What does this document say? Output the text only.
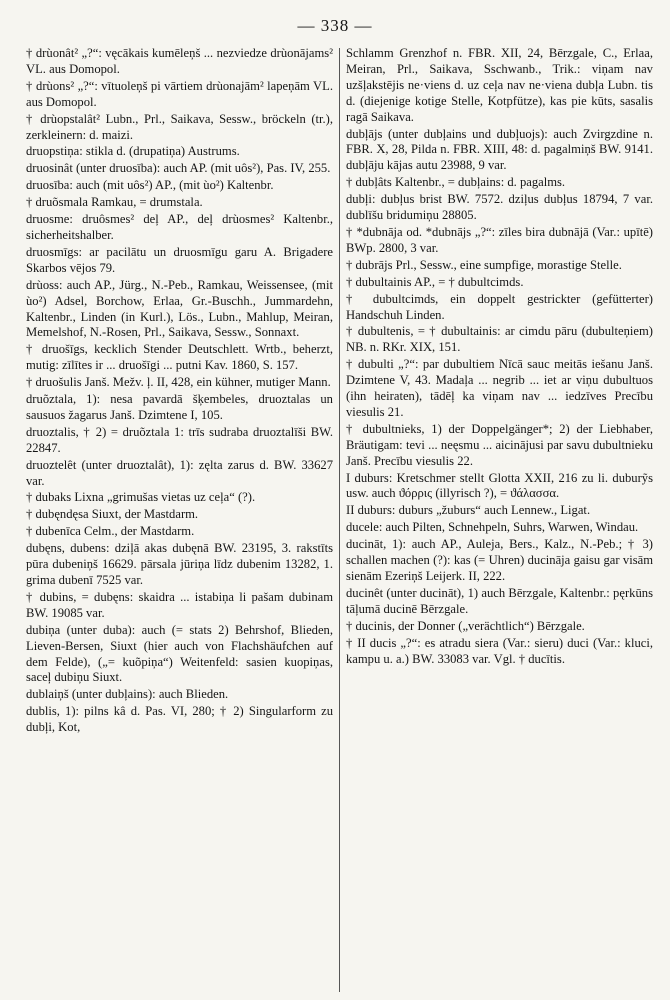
— 338 —

† drùonât² „?“: vęcākais kumēleņš ... nezviedze drùonājams² VL. aus Domopol.

† drùons² „?“: vītuoleņš pi vārtiem drùonajām² lapeņām VL. aus Domopol.

† drùopstalât² Lubn., Prl., Saikava, Sessw., bröckeln (tr.), zerkleinern: d. maizi.

druopstiņa: stikla d. (drupatiņa) Austrums.

druosinât (unter druosība): auch AP. (mit uôs²), Pas. IV, 255.

druosība: auch (mit uôs²) AP., (mit ùo²) Kaltenbr.

† druõsmala Ramkau, = drumstala.

druosme: druôsmes² deļ AP., deļ drùosmes² Kaltenbr., sicherheitshalber.

druosmīgs: ar pacilātu un druosmīgu garu A. Brigadere Skarbos vējos 79.

drùoss: auch AP., Jürg., N.-Peb., Ramkau, Weissensee, (mit ùo²) Adsel, Borchow, Erlaa, Gr.-Buschh., Jummardehn, Kaltenbr., Linden (in Kurl.), Lös., Lubn., Mahlup, Meiran, Memelshof, N.-Rosen, Prl., Saikava, Sessw., Sonnaxt.

† druošīgs, kecklich Stender Deutschlett. Wrtb., beherzt, mutig: zīlītes ir ... druošīgi ... putni Kav. 1860, S. 157.

† druošulis Janš. Mežv. ļ. II, 428, ein kühner, mutiger Mann.

druõztala, 1): nesa pavardā šķembeles, druoztalas un sausuos žagarus Janš. Dzimtene I, 105.

druoztalis, † 2) = druõztala 1: trīs sudraba druoztalīši BW. 22847.

druoztelêt (unter druoztalât), 1): zęlta zarus d. BW. 33627 var.

† dubaks Lixna „grimušas vietas uz ceļa“ (?).

† dubęndęsa Siuxt, der Mastdarm.

† dubenīca Celm., der Mastdarm.

dubęns, dubens: dziļā akas dubęnā BW. 23195, 3. rakstīts pūra dubeniņš 16629. pārsala jūriņa līdz dubenim 13282, 1. grima dubenī 7525 var.

† dubins, = dubęns: skaidra ... istabiņa li pašam dubinam BW. 19085 var.

dubiņa (unter duba): auch (= stats 2) Behrshof, Blieden, Lieven-Bersen, Siuxt (hier auch von Flachshäufchen auf dem Felde), („= kuõpiņa“) Weitenfeld: sasien kuopiņas, saceļ dubiņu Siuxt.

dublaiņš (unter dubļains): auch Blieden.

dublis, 1): pilns kâ d. Pas. VI, 280; † 2) Singularform zu dubļi, Kot,

Schlamm Grenzhof n. FBR. XII, 24, Bērzgale, C., Erlaa, Meiran, Prl., Saikava, Sschwanb., Trik.: viņam nav uzšļakstējis ne·viens d. uz ceļa nav ne·viena dubļa Lubn. tis d. (diejenige kotige Stelle, Kotpfütze), kas pie kūts, sasalis ragā Saikava.

dubļājs (unter dubļains und dubļuojs): auch Zvirgzdine n. FBR. X, 28, Pilda n. FBR. XIII, 48: d. pagalmiņš BW. 9141. dubļāju kājas autu 23988, 9 var.

† dubļâts Kaltenbr., = dubļains: d. pagalms.

dubļi: dubļus brist BW. 7572. dziļus dubļus 18794, 7 var. dublīšu bridumiņu 28805.

† *dubnāja od. *dubnājs „?“: zīles bira dubnājā (Var.: upītē) BWp. 2800, 3 var.

† dubrājs Prl., Sessw., eine sumpfige, morastige Stelle.

† dubultainis AP., = † dubultcimds.

† dubultcimds, ein doppelt gestrickter (gefütterter) Handschuh Linden.

† dubultenis, = † dubultainis: ar cimdu pāru (dubulteņiem) NB. n. RKr. XIX, 151.

† dubulti „?“: par dubultiem Nīcā sauc meitās iešanu Janš. Dzimtene V, 43. Madaļa ... negrib ... iet ar viņu dubultuos (ihn heiraten), tādēļ ka viņam nav ... iedzīves Precību viesulis 21.

† dubultnieks, 1) der Doppelgänger*; 2) der Liebhaber, Bräutigam: tevi ... neęsmu ... aicinājusi par savu dubultnieku Janš. Precību viesulis 22.

I duburs: Kretschmer stellt Glotta XXII, 216 zu li. duburỹs usw. auch ϑόρρις (illyrisch ?), = ϑάλασσα.

II duburs: duburs „žuburs“ auch Lennew., Ligat.

ducele: auch Pilten, Schnehpeln, Suhrs, Warwen, Windau.

ducināt, 1): auch AP., Auleja, Bers., Kalz., N.-Peb.; † 3) schallen machen (?): kas (= Uhren) ducināja gaisu gar visām sienām Ezeriņš Leijerk. II, 222.

ducinêt (unter ducināt), 1) auch Bērzgale, Kaltenbr.: pęrkūns tāļumā ducinē Bērzgale.

† ducinis, der Donner („verächtlich“) Bērzgale.

† II ducis „?“: es atradu siera (Var.: sieru) duci (Var.: kluci, kampu u. a.) BW. 33083 var. Vgl. † ducītis.
